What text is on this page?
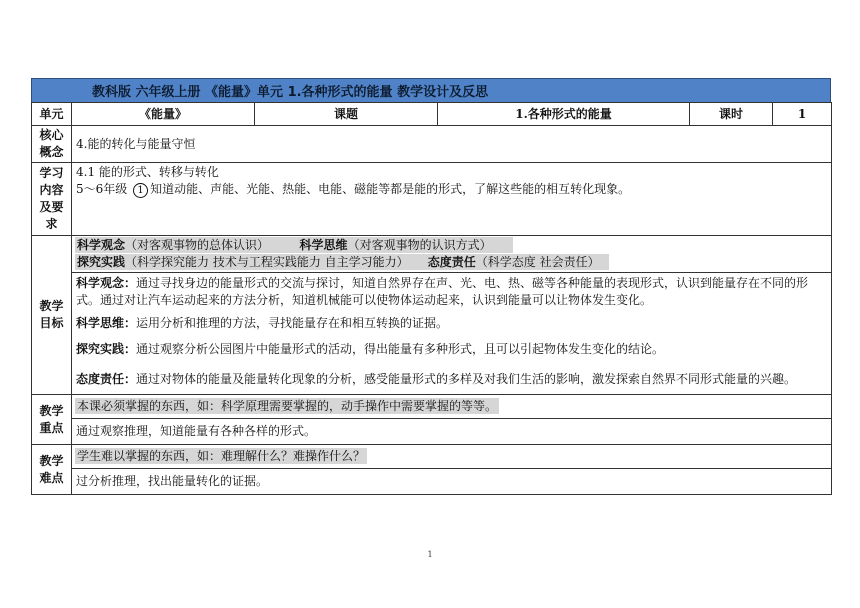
教科版 六年级上册 《能量》单元 1.各种形式的能量 教学设计及反思
单元	《能量》	课题	1.各种形式的能量	课时	1
核心概念	4.能的转化与能量守恒				
学习内容及要求	4.1 能的形式、转移与转化
5～6年级 1 知道动能、声能、光能、热能、电能、磁能等都是能的形式，了解这些能的相互转化现象。				

教学目标	科学观念（对客观事物的总体认识） 科学思维（对客观事物的认识方式）
探究实践（科学探究能力 技术与工程实践能力 自主学习能力） 态度责任（科学态度 社会责任）				

	科学观念：通过寻找身边的能量形式的交流与探讨，知道自然界存在声、光、电、热、磁等各种能量的表现形式，认识到能量存在不同的形式。通过对让汽车运动起来的方法分析，知道机械能可以使物体运动起来，认识到能量可以让物体发生变化。
科学思维：运用分析和推理的方法，寻找能量存在和相互转换的证据。
探究实践：通过观察分析公园图片中能量形式的活动，得出能量有多种形式，且可以引起物体发生变化的结论。
态度责任：通过对物体的能量及能量转化现象的分析，感受能量形式的多样及对我们生活的影响，激发探索自然界不同形式能量的兴趣。				

教学重点	本课必须掌握的东西，如：科学原理需要掌握的，动手操作中需要掌握的等等。				
	通过观察推理，知道能量有各种各样的形式。				
教学难点	学生难以掌握的东西，如：难理解什么？难操作什么？				
	过分析推理，找出能量转化的证据。				
1
